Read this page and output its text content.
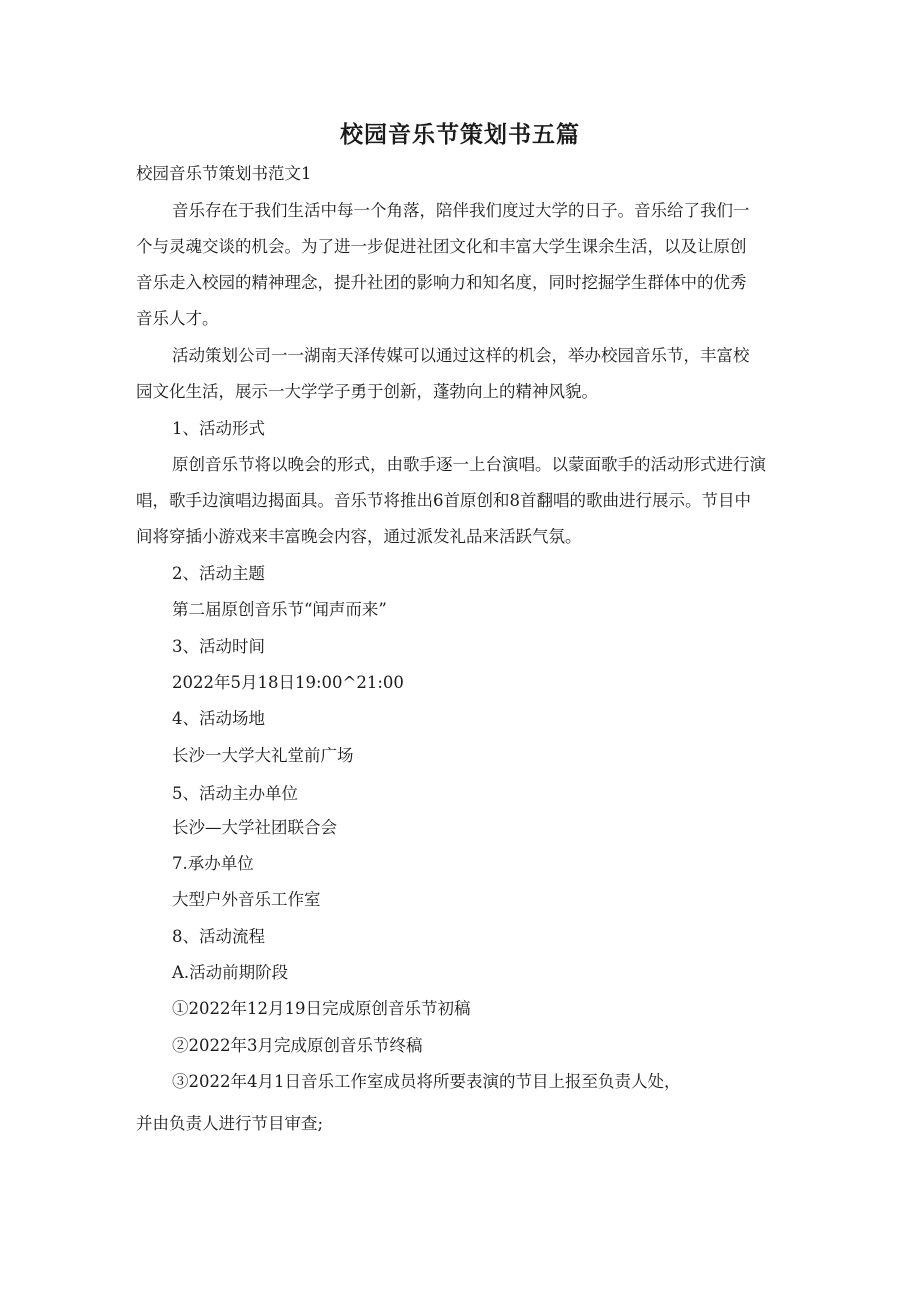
校园音乐节策划书五篇

校园音乐节策划书范文1

音乐存在于我们生活中每一个角落，陪伴我们度过大学的日子。音乐给了我们一

个与灵魂交谈的机会。为了进一步促进社团文化和丰富大学生课余生活，以及让原创

音乐走入校园的精神理念，提升社团的影响力和知名度，同时挖掘学生群体中的优秀

音乐人才。

活动策划公司一一湖南天泽传媒可以通过这样的机会，举办校园音乐节，丰富校

园文化生活，展示一大学学子勇于创新，蓬勃向上的精神风貌。

1、活动形式

原创音乐节将以晚会的形式，由歌手逐一上台演唱。以蒙面歌手的活动形式进行演

唱，歌手边演唱边揭面具。音乐节将推出6首原创和8首翻唱的歌曲进行展示。节目中

间将穿插小游戏来丰富晚会内容，通过派发礼品来活跃气氛。

2、活动主题

第二届原创音乐节“闻声而来”

3、活动时间

2022年5月18日19:00^21:00

4、活动场地

长沙一大学大礼堂前广场

5、活动主办单位

长沙—大学社团联合会

7.承办单位

大型户外音乐工作室

8、活动流程

A.活动前期阶段

①2022年12月19日完成原创音乐节初稿

②2022年3月完成原创音乐节终稿

③2022年4月1日音乐工作室成员将所要表演的节目上报至负责人处，

并由负责人进行节目审查;
